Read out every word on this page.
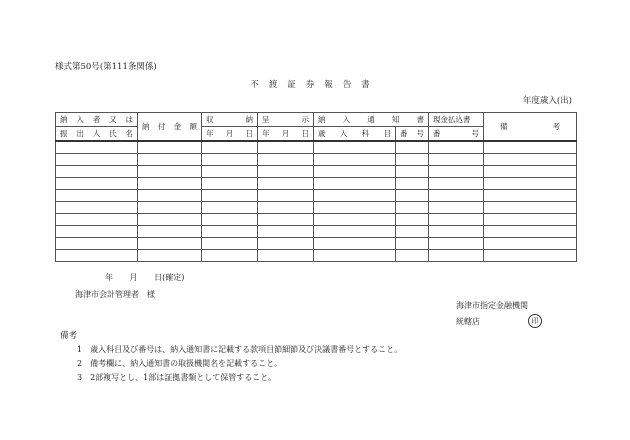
様式第50号(第111条関係)
不渡証券報告書
年度歳入(出)
納 入 者 又 は	納 付 金 額	収 納	呈 示	納 入 通 知 書		現金払込書	備 考

振 出 人 氏 名		年 月 日	年 月 日	歳 入 科 目	番 号	番 号	

年 月 日(確定)
海津市会計管理者　様
海津市指定金融機関
統轄店	印
備考
1　歳入科目及び番号は、納入通知書に記載する款項目節細節及び決議書番号とすること。
2　備考欄に、納入通知書の取扱機関名を記載すること。
3　2部複写とし、1部は証拠書類として保管すること。
